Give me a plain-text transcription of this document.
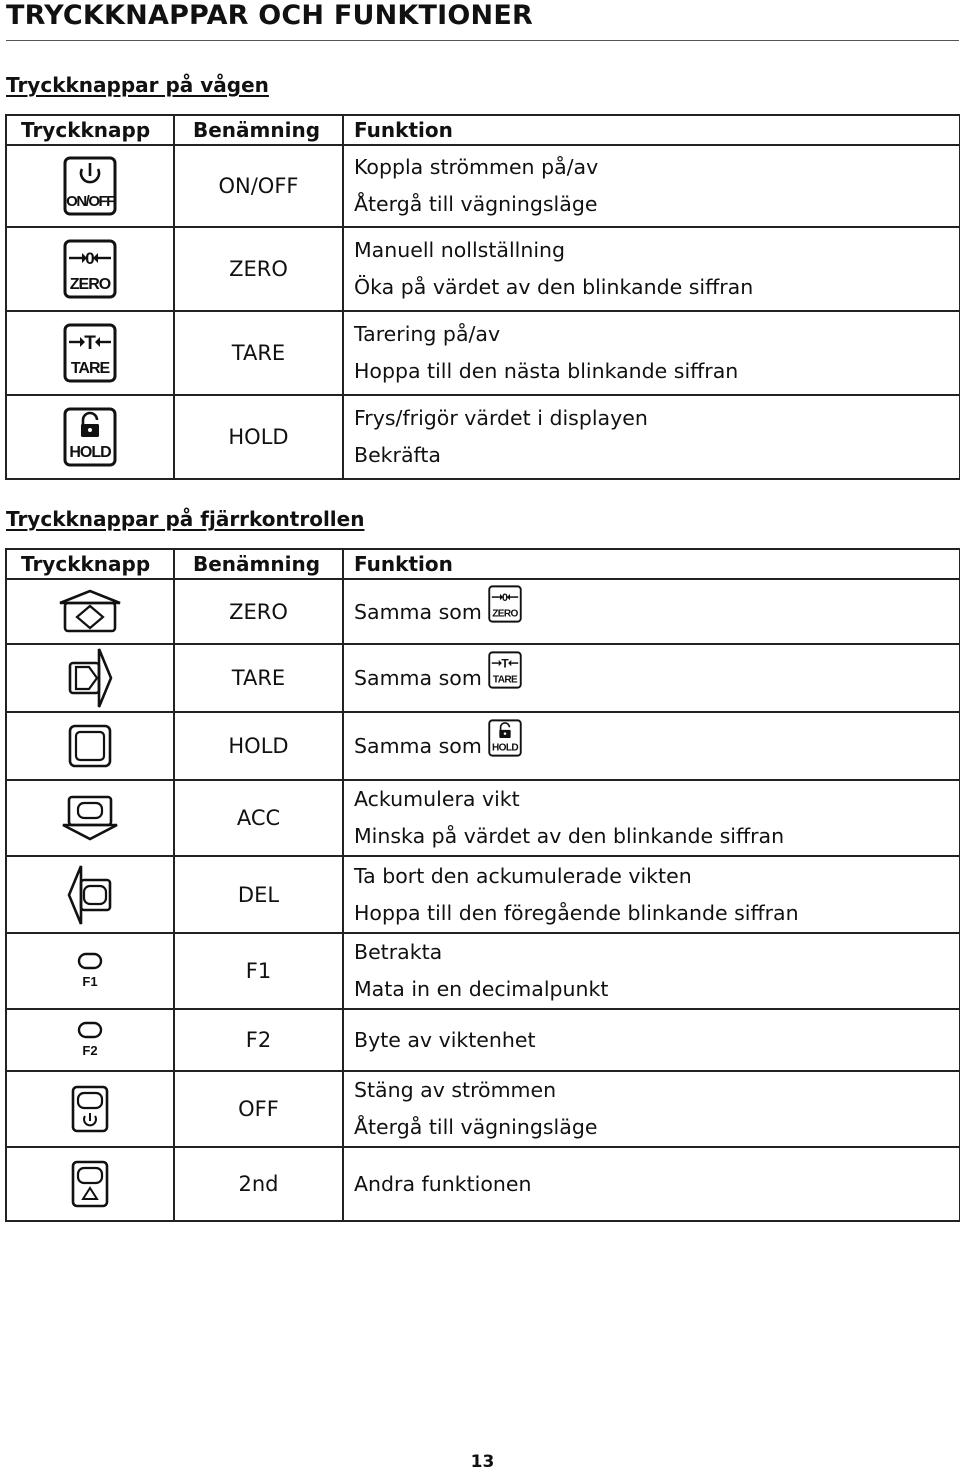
TRYCKKNAPPAR OCH FUNKTIONER
Tryckknappar på vågen
Tryckknapp	Benämning	Funktion

ON/OFF	ON/OFF	Koppla strömmen på/av
Återgå till vägningsläge

0
ZERO	ZERO	Manuell nollställning
Öka på värdet av den blinkande siffran

T
TARE	TARE	Tarering på/av
Hoppa till den nästa blinkande siffran

HOLD	HOLD	Frys/frigör värdet i displayen
Bekräfta
Tryckknappar på fjärrkontrollen
Tryckknapp	Benämning	Funktion
	ZERO	Samma som
0
ZERO

	TARE	Samma som
T
TARE

	HOLD	Samma som HOLD

	ACC	Ackumulera vikt
Minska på värdet av den blinkande siffran

	DEL	Ta bort den ackumulerade vikten
Hoppa till den föregående blinkande siffran

F1	F1	Betrakta
Mata in en decimalpunkt

F2	F2	Byte av viktenhet

	OFF	Stäng av strömmen
Återgå till vägningsläge

	2nd	Andra funktionen
13
